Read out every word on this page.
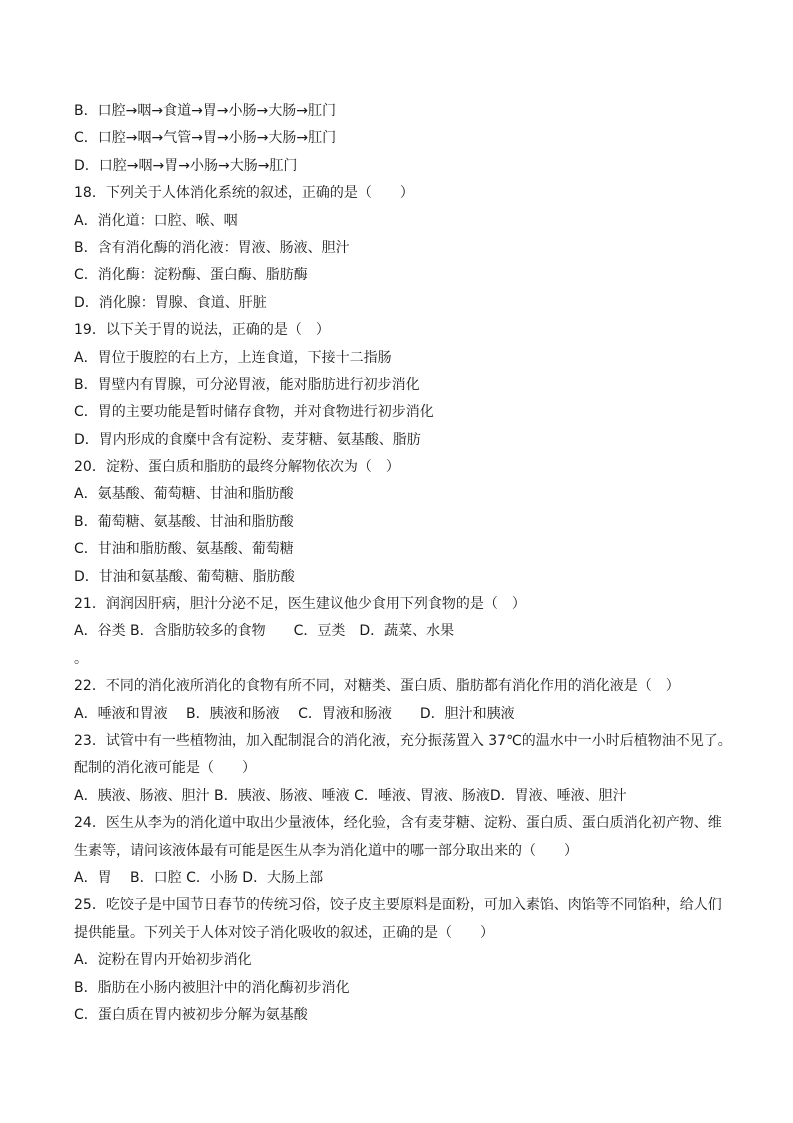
B．口腔→咽→食道→胃→小肠→大肠→肛门
C．口腔→咽→气管→胃→小肠→大肠→肛门
D．口腔→咽→胃→小肠→大肠→肛门
18．下列关于人体消化系统的叙述，正确的是（　　）
A．消化道：口腔、喉、咽
B．含有消化酶的消化液：胃液、肠液、胆汁
C．消化酶：淀粉酶、蛋白酶、脂肪酶
D．消化腺：胃腺、食道、肝脏
19．以下关于胃的说法，正确的是（　）
A．胃位于腹腔的右上方，上连食道，下接十二指肠
B．胃壁内有胃腺，可分泌胃液，能对脂肪进行初步消化
C．胃的主要功能是暂时储存食物，并对食物进行初步消化
D．胃内形成的食糜中含有淀粉、麦芽糖、氨基酸、脂肪
20．淀粉、蛋白质和脂肪的最终分解物依次为（　）
A．氨基酸、葡萄糖、甘油和脂肪酸
B．葡萄糖、氨基酸、甘油和脂肪酸
C．甘油和脂肪酸、氨基酸、葡萄糖
D．甘油和氨基酸、葡萄糖、脂肪酸
21．润润因肝病，胆汁分泌不足，医生建议他少食用下列食物的是（　）
A．谷类 B．含脂肪较多的食物　　C．豆类　D．蔬菜、水果
。
22．不同的消化液所消化的食物有所不同，对糖类、蛋白质、脂肪都有消化作用的消化液是（　）
A．唾液和胃液　 B．胰液和肠液　 C．胃液和肠液　　D．胆汁和胰液
23．试管中有一些植物油，加入配制混合的消化液，充分振荡置入 37℃的温水中一小时后植物油不见了。
配制的消化液可能是（　　）
A．胰液、肠液、胆汁 B．胰液、肠液、唾液 C．唾液、胃液、肠液D．胃液、唾液、胆汁
24．医生从李为的消化道中取出少量液体，经化验，含有麦芽糖、淀粉、蛋白质、蛋白质消化初产物、维
生素等，请问该液体最有可能是医生从李为消化道中的哪一部分取出来的（　　）
A．胃　 B．口腔 C．小肠 D．大肠上部
25．吃饺子是中国节日春节的传统习俗，饺子皮主要原料是面粉，可加入素馅、肉馅等不同馅种，给人们
提供能量。下列关于人体对饺子消化吸收的叙述，正确的是（　　）
A．淀粉在胃内开始初步消化
B．脂肪在小肠内被胆汁中的消化酶初步消化
C．蛋白质在胃内被初步分解为氨基酸
